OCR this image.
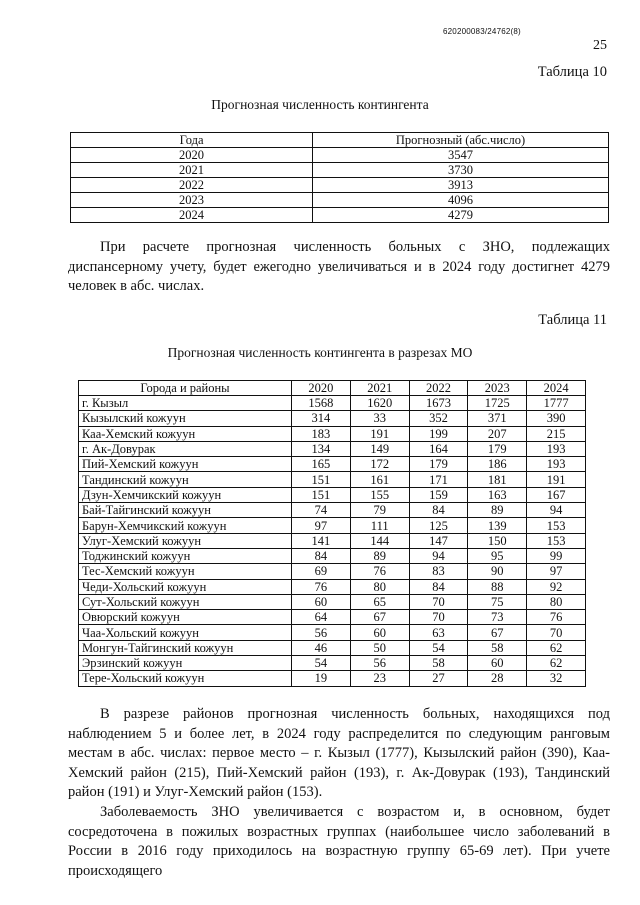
620200083/24762(8)
25
Таблица 10
Прогнозная численность контингента
Года	Прогнозный (абс.число)
2020	3547
2021	3730
2022	3913
2023	4096
2024	4279

При расчете прогнозная численность больных с ЗНО, подлежащих диспансерному учету, будет ежегодно увеличиваться и в 2024 году достигнет 4279 человек в абс. числах.

Таблица 11
Прогнозная численность контингента в разрезах МО
Города и районы	2020	2021	2022	2023	2024
г. Кызыл	1568	1620	1673	1725	1777
Кызылский кожуун	314	33	352	371	390
Каа-Хемский кожуун	183	191	199	207	215
г. Ак-Довурак	134	149	164	179	193
Пий-Хемский кожуун	165	172	179	186	193
Тандинский кожуун	151	161	171	181	191
Дзун-Хемчикский кожуун	151	155	159	163	167
Бай-Тайгинский кожуун	74	79	84	89	94
Барун-Хемчикский кожуун	97	111	125	139	153
Улуг-Хемский кожуун	141	144	147	150	153
Тоджинский кожуун	84	89	94	95	99
Тес-Хемский кожуун	69	76	83	90	97
Чеди-Хольский кожуун	76	80	84	88	92
Сут-Хольский кожуун	60	65	70	75	80
Овюрский кожуун	64	67	70	73	76
Чаа-Хольский кожуун	56	60	63	67	70
Монгун-Тайгинский кожуун	46	50	54	58	62
Эрзинский кожуун	54	56	58	60	62
Тере-Хольский кожуун	19	23	27	28	32

В разрезе районов прогнозная численность больных, находящихся под наблюдением 5 и более лет, в 2024 году распределится по следующим ранговым местам в абс. числах: первое место – г. Кызыл (1777), Кызылский район (390), Каа-Хемский район (215), Пий-Хемский район (193), г. Ак-Довурак (193), Тандинский район (191) и Улуг-Хемский район (153).

Заболеваемость ЗНО увеличивается с возрастом и, в основном, будет сосредоточена в пожилых возрастных группах (наибольшее число заболеваний в России в 2016 году приходилось на возрастную группу 65-69 лет). При учете происходящего
